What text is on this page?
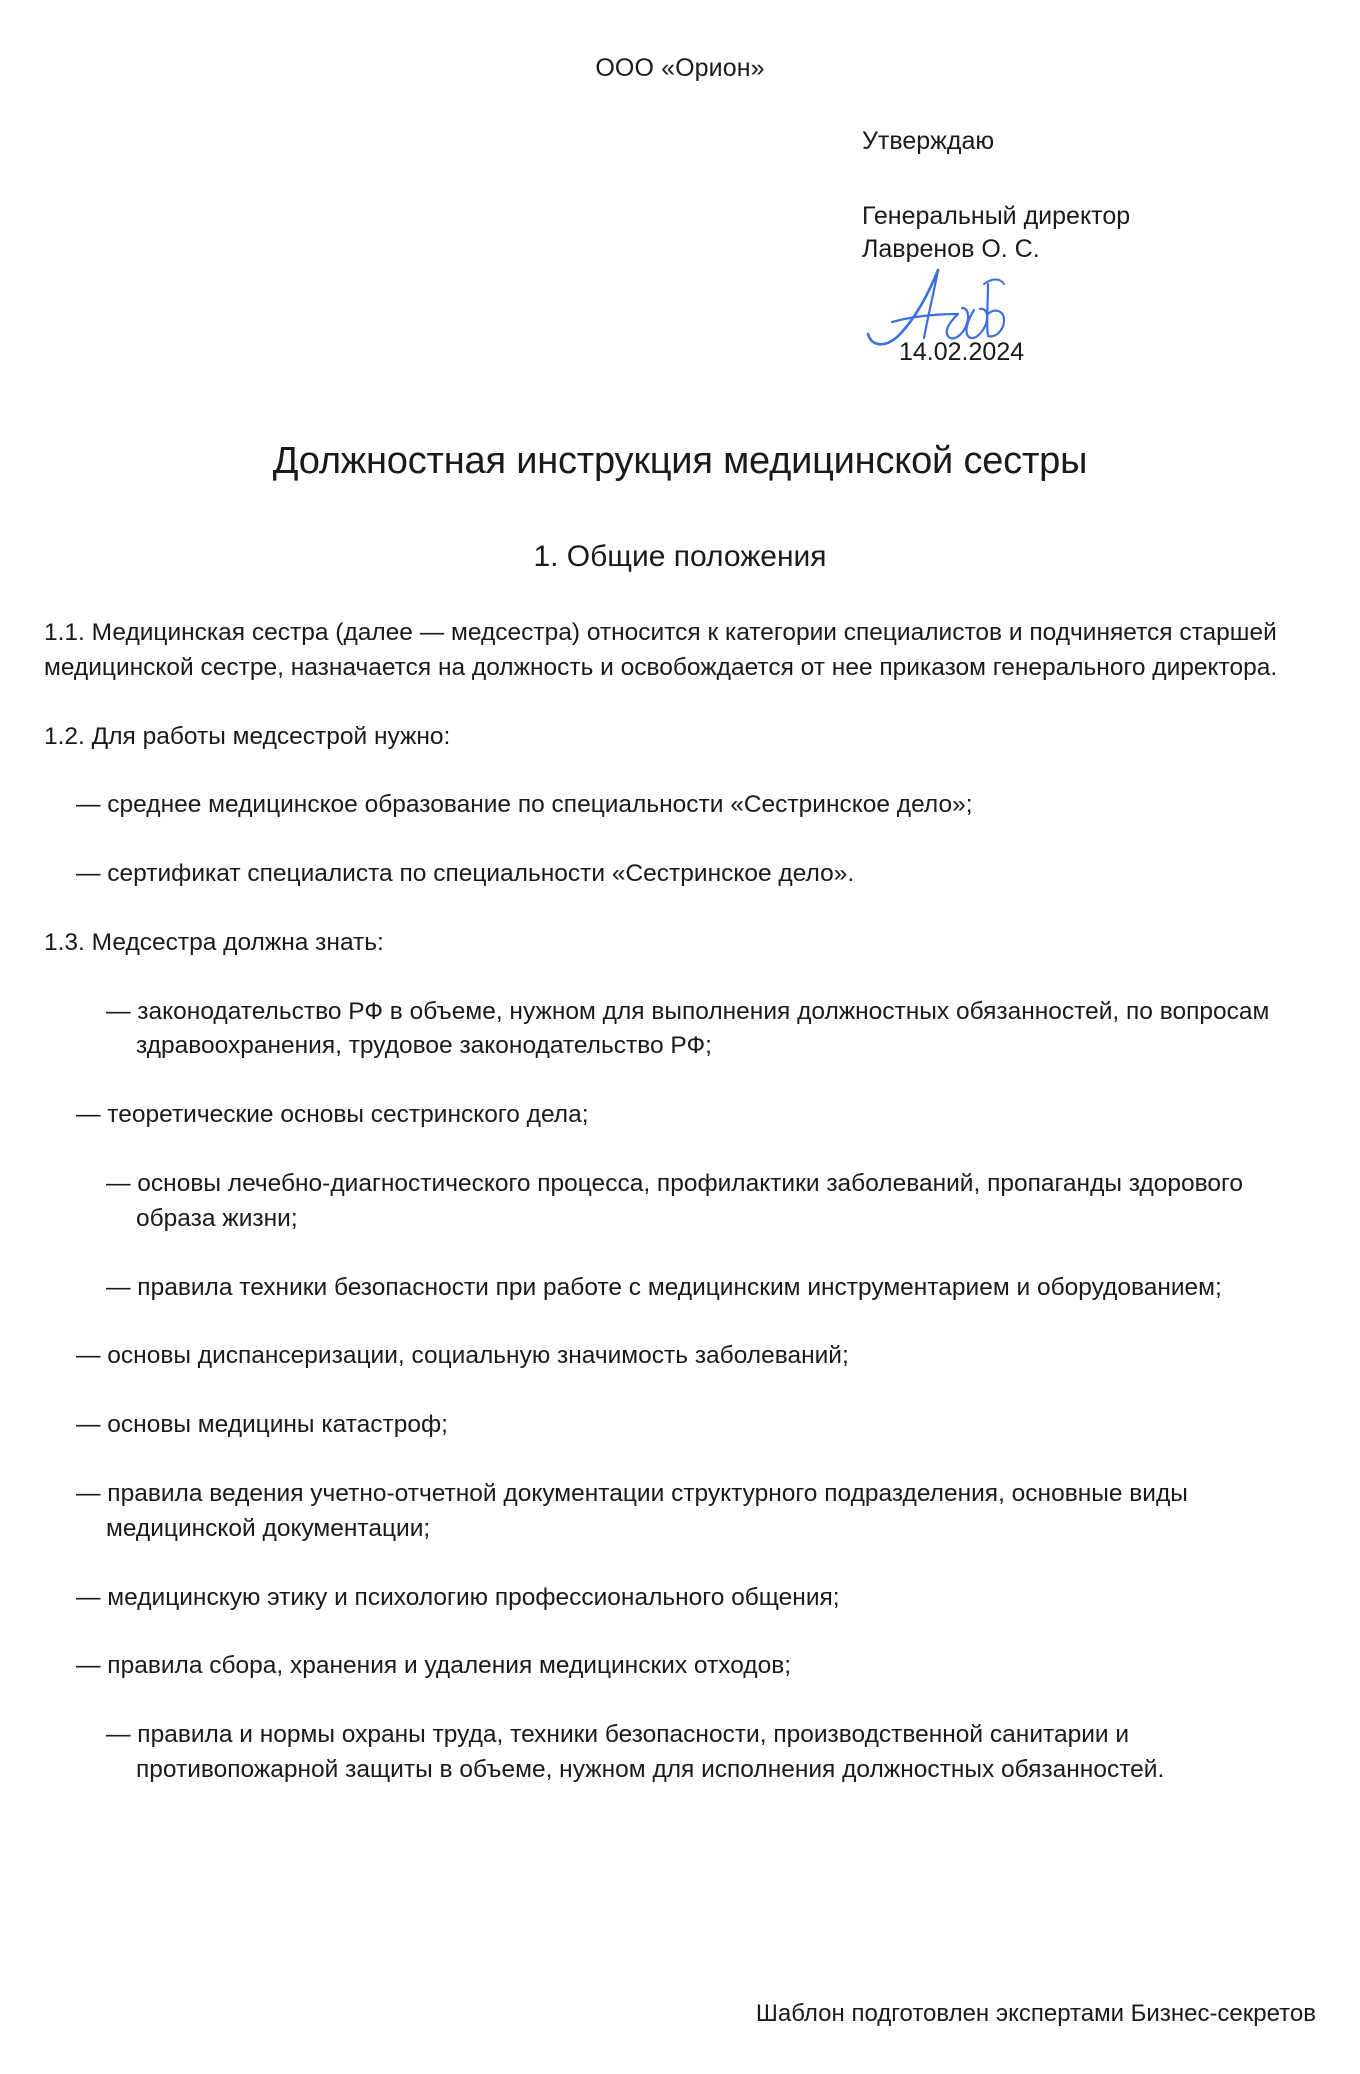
ООО «Орион»
Утверждаю
Генеральный директор
Лавренов О. С.
14.02.2024
Должностная инструкция медицинской сестры
1. Общие положения

1.1. Медицинская сестра (далее — медсестра) относится к категории специалистов и подчиняется старшей медицинской сестре, назначается на должность и освобождается от нее приказом генерального директора.

1.2. Для работы медсестрой нужно:

— среднее медицинское образование по специальности «Сестринское дело»;

— сертификат специалиста по специальности «Сестринское дело».

1.3. Медсестра должна знать:

— законодательство РФ в объеме, нужном для выполнения должностных обязанностей, по вопросам здравоохранения, трудовое законодательство РФ;

— теоретические основы сестринского дела;

— основы лечебно-диагностического процесса, профилактики заболеваний, пропаганды здорового образа жизни;

— правила техники безопасности при работе с медицинским инструментарием и оборудованием;

— основы диспансеризации, социальную значимость заболеваний;

— основы медицины катастроф;

— правила ведения учетно-отчетной документации структурного подразделения, основные виды медицинской документации;

— медицинскую этику и психологию профессионального общения;

— правила сбора, хранения и удаления медицинских отходов;

— правила и нормы охраны труда, техники безопасности, производственной санитарии и противопожарной защиты в объеме, нужном для исполнения должностных обязанностей.

Шаблон подготовлен экспертами Бизнес-секретов
